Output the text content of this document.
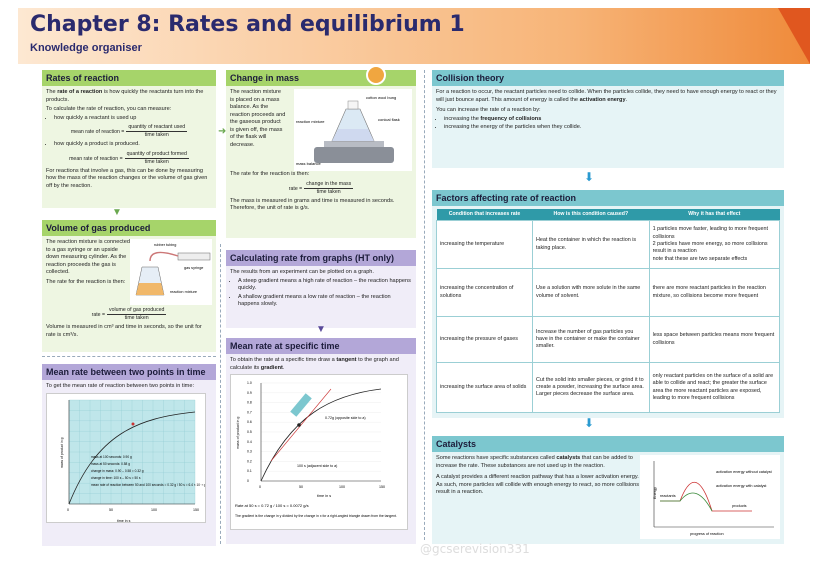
Chapter 8: Rates and equilibrium 1
Knowledge organiser
Rates of reaction

The rate of a reaction is how quickly the reactants turn into the products.

To calculate the rate of reaction, you can measure:

• how quickly a reactant is used up
mean rate of reaction = $\frac{\text{quantity of reactant used}}{\text{time taken}}$
• how quickly a product is produced.
mean rate of reaction = $\frac{\text{quantity of product formed}}{\text{time taken}}$

For reactions that involve a gas, this can be done by measuring how the mass of the reaction changes or the volume of gas given off by the reaction.

▼
➜
Change in mass

The reaction mixture is placed on a mass balance. As the reaction proceeds and the gaseous product is given off, the mass of the flask will decrease.

cotton wool bung
reaction mixture	conical flask
mass balance

The rate for the reaction is then:

rate = $\frac{\text{change in the mass}}{\text{time taken}}$

The mass is measured in grams and time is measured in seconds. Therefore, the unit of rate is g/s.

Volume of gas produced
rubber tubing
gas syringe
reaction mixture

The reaction mixture is connected to a gas syringe or an upside down measuring cylinder. As the reaction proceeds the gas is collected.

The rate for the reaction is then:

rate = $\frac{\text{volume of gas produced}}{\text{time taken}}$

Volume is measured in cm³ and time in seconds, so the unit for rate is cm³/s.

Calculating rate from graphs (HT only)

The results from an experiment can be plotted on a graph.

• A steep gradient means a high rate of reaction – the reaction happens quickly.
• A shallow gradient means a low rate of reaction – the reaction happens slowly.
▼
Mean rate at specific time

To obtain the rate at a specific time draw a tangent to the graph and calculate its gradient.

0.72g (opposite side to a)
100 s (adjacent side to a)
0	50	100	150
0
0.1
0.2
0.3
0.4
0.5
0.6
0.7
0.8
0.9
1.0
mass of product in g
time in s
Rate at 50 s = 0.72 g / 100 s = 0.0072 g/s
The gradient is the change in y divided by the change in x for a right-angled triangle drawn from the tangent.
Mean rate between two points in time

To get the mean rate of reaction between two points in time:

mass at 100 seconds: 0.90 g
mass at 50 seconds: 0.58 g
change in mass: 0.90 – 0.58 = 0.32 g
change in time: 100 s – 50 s = 50 s
mean rate of reaction between 50 and 100 seconds = 0.32 g / 50 s = 6.4 × 10⁻³ g/s
mass of product in g
time in s
0	50	100	150
Collision theory

For a reaction to occur, the reactant particles need to collide. When the particles collide, they need to have enough energy to react or they will just bounce apart. This amount of energy is called the activation energy.

You can increase the rate of a reaction by:

• increasing the frequency of collisions
• increasing the energy of the particles when they collide.
⬇
Factors affecting rate of reaction
Condition that increases rate	How is this condition caused?	Why it has that effect
increasing the temperature	Heat the container in which the reaction is taking place.	1 particles move faster, leading to more frequent collisions
2 particles have more energy, so more collisions result in a reaction
note that these are two separate effects
increasing the concentration of solutions	Use a solution with more solute in the same volume of solvent.	there are more reactant particles in the reaction mixture, so collisions become more frequent
increasing the pressure of gases	Increase the number of gas particles you have in the container or make the container smaller.	less space between particles means more frequent collisions
increasing the surface area of solids	Cut the solid into smaller pieces, or grind it to create a powder, increasing the surface area. Larger pieces decrease the surface area.	only reactant particles on the surface of a solid are able to collide and react; the greater the surface area the more reactant particles are exposed, leading to more frequent collisions
⬇
Catalysts
activation energy without catalyst
activation energy with catalyst
reactants
products
progress of reaction
Energy

Some reactions have specific substances called catalysts that can be added to increase the rate. These substances are not used up in the reaction.

A catalyst provides a different reaction pathway that has a lower activation energy. As such, more particles will collide with enough energy to react, so more collisions result in a reaction.

@gcserevision331
